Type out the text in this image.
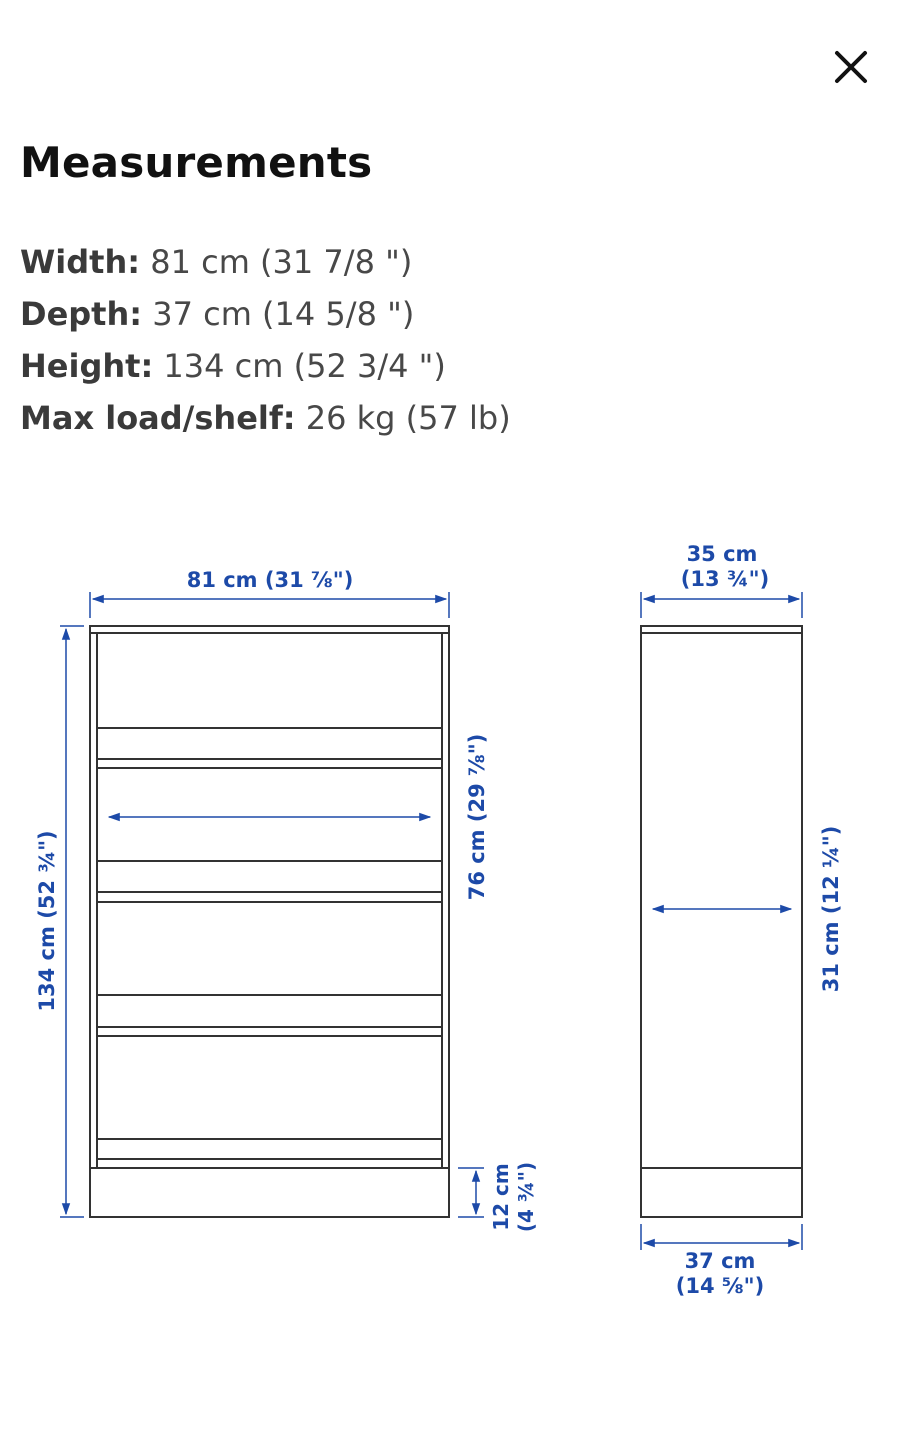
Measurements
Width: 81 cm (31 7/8 ")
Depth: 37 cm (14 5/8 ")
Height: 134 cm (52 3/4 ")
Max load/shelf: 26 kg (57 lb)
81 cm (31 ⅞")
134 cm (52 ¾")
76 cm (29 ⅞")
12 cm (4 ¾")
35 cm
(13 ¾")
31 cm (12 ¼")
37 cm
(14 ⅝")
